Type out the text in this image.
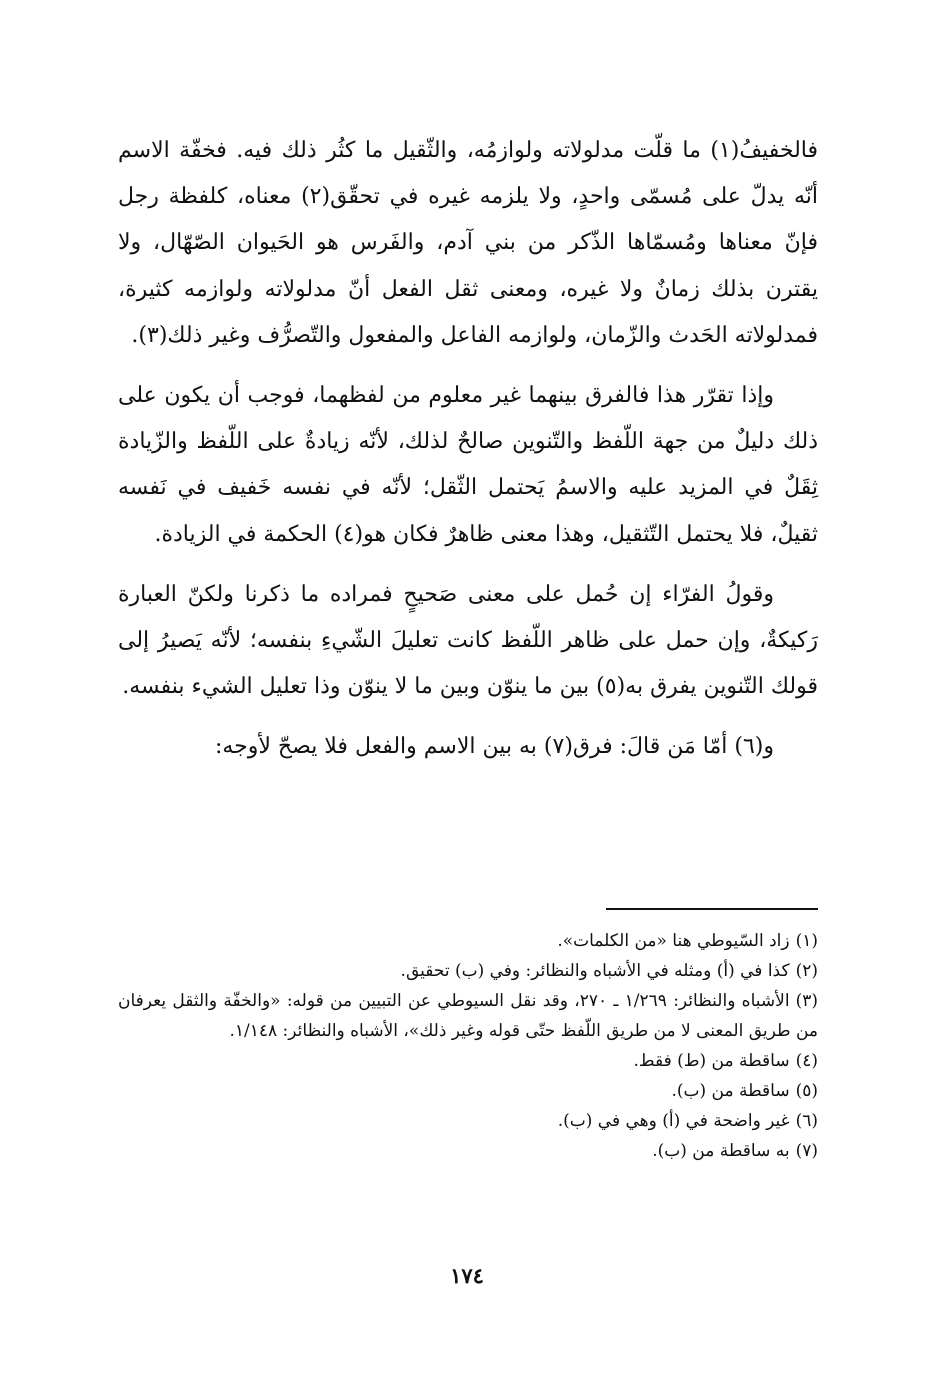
فالخفيفُ(١) ما قلّت مدلولاته ولوازمُه، والثّقيل ما كثُر ذلك فيه. فخفّة الاسم أنّه يدلّ على مُسمّى واحدٍ، ولا يلزمه غيره في تحقّق(٢) معناه، كلفظة رجل فإنّ معناها ومُسمّاها الذّكر من بني آدم، والفَرس هو الحَيوان الصّهّال، ولا يقترن بذلك زمانٌ ولا غيره، ومعنى ثقل الفعل أنّ مدلولاته ولوازمه كثيرة، فمدلولاته الحَدث والزّمان، ولوازمه الفاعل والمفعول والتّصرُّف وغير ذلك(٣).

وإذا تقرّر هذا فالفرق بينهما غير معلوم من لفظهما، فوجب أن يكون على ذلك دليلٌ من جهة اللّفظ والتّنوين صالحٌ لذلك، لأنّه زيادةٌ على اللّفظ والزّيادة ثِقَلٌ في المزيد عليه والاسمُ يَحتمل الثّقل؛ لأنّه في نفسه خَفيف في نَفسه ثقيلٌ، فلا يحتمل التّثقيل، وهذا معنى ظاهرٌ فكان هو(٤) الحكمة في الزيادة.

وقولُ الفرّاء إن حُمل على معنى صَحيحٍ فمراده ما ذكرنا ولكنّ العبارة رَكيكةٌ، وإن حمل على ظاهر اللّفظ كانت تعليلَ الشّيءِ بنفسه؛ لأنّه يَصيرُ إلى قولك التّنوين يفرق به(٥) بين ما ينوّن وبين ما لا ينوّن وذا تعليل الشيء بنفسه.

و(٦) أمّا مَن قالَ: فرق(٧) به بين الاسم والفعل فلا يصحّ لأوجه:

(١)زاد السّيوطي هنا «من الكلمات».
(٢)كذا في (أ) ومثله في الأشباه والنظائر: وفي (ب) تحقيق.
(٣)الأشباه والنظائر: ١/٢٦٩ ـ ٢٧٠، وقد نقل السيوطي عن التبيين من قوله: «والخفّة والثقل يعرفان من طريق المعنى لا من طريق اللّفظ حتّى قوله وغير ذلك»، الأشباه والنظائر: ١/١٤٨.
(٤)ساقطة من (ط) فقط.
(٥)ساقطة من (ب).
(٦)غير واضحة في (أ) وهي في (ب).
(٧)به ساقطة من (ب).
١٧٤
